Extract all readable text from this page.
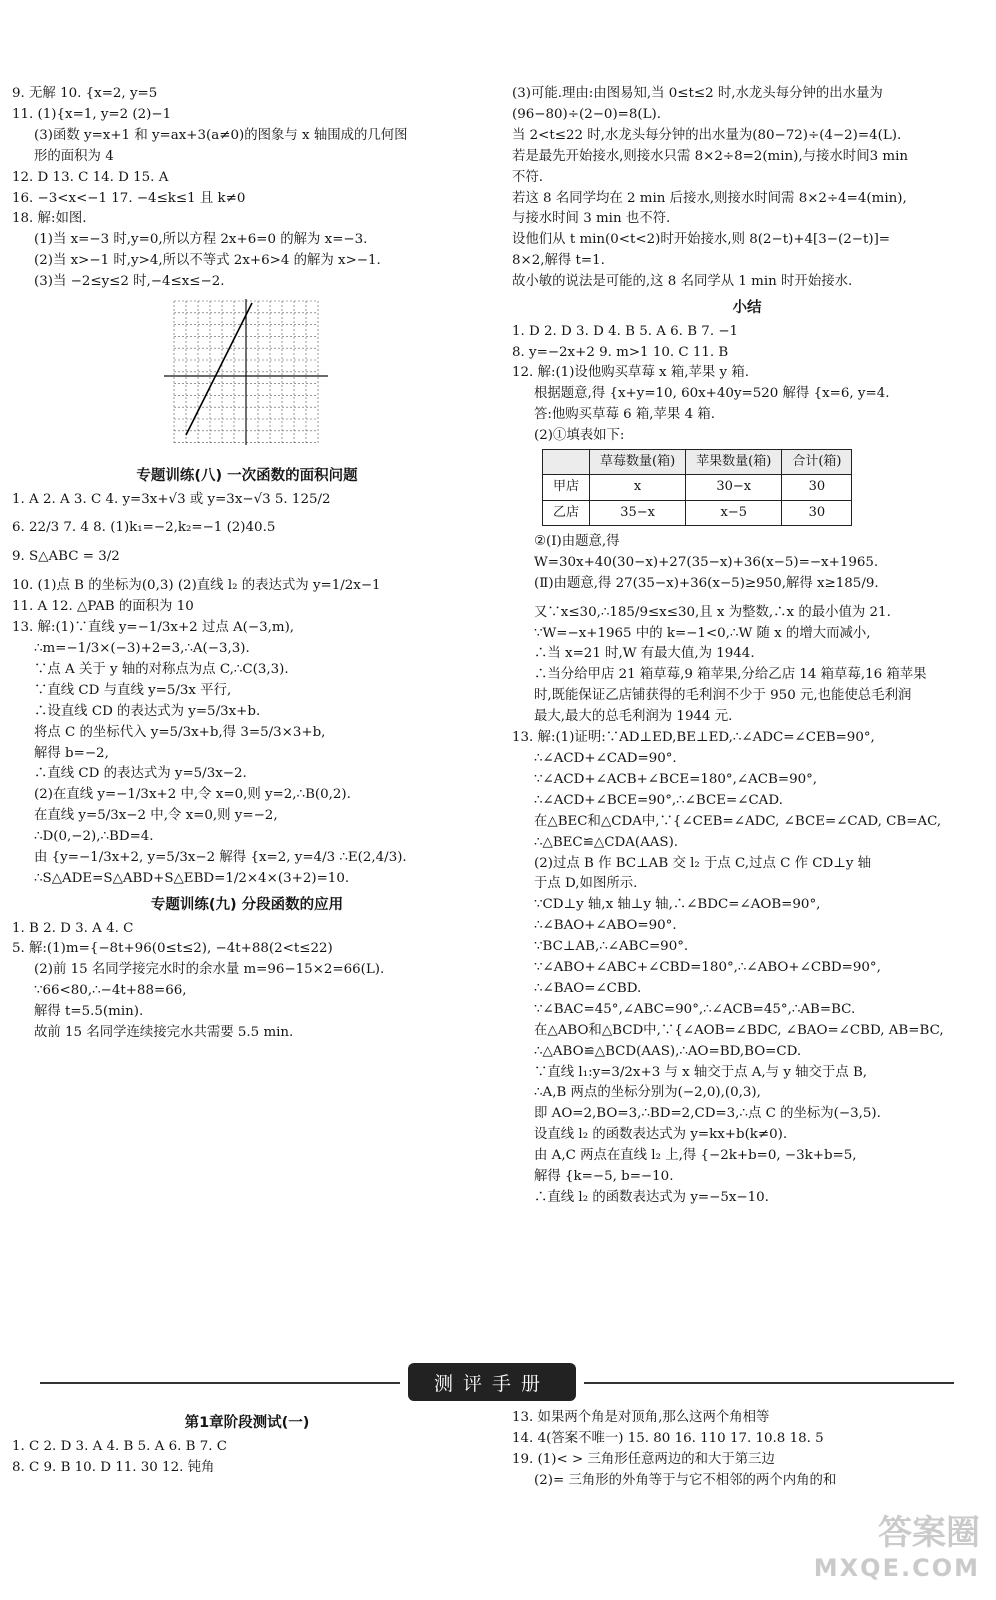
9. 无解 10. {x=2, y=5
11. (1){x=1, y=2 (2)−1
(3)函数 y=x+1 和 y=ax+3(a≠0)的图象与 x 轴围成的几何图
形的面积为 4
12. D 13. C 14. D 15. A
16. −3<x<−1 17. −4≤k≤1 且 k≠0
18. 解:如图.
(1)当 x=−3 时,y=0,所以方程 2x+6=0 的解为 x=−3.
(2)当 x>−1 时,y>4,所以不等式 2x+6>4 的解为 x>−1.
(3)当 −2≤y≤2 时,−4≤x≤−2.
专题训练(八) 一次函数的面积问题
1. A 2. A 3. C 4. y=3x+√3 或 y=3x−√3 5. 125/2
6. 22/3 7. 4 8. (1)k₁=−2,k₂=−1 (2)40.5
9. S△ABC = 3/2
10. (1)点 B 的坐标为(0,3) (2)直线 l₂ 的表达式为 y=1/2x−1
11. A 12. △PAB 的面积为 10
13. 解:(1)∵直线 y=−1/3x+2 过点 A(−3,m),
∴m=−1/3×(−3)+2=3,∴A(−3,3).
∵点 A 关于 y 轴的对称点为点 C,∴C(3,3).
∵直线 CD 与直线 y=5/3x 平行,
∴设直线 CD 的表达式为 y=5/3x+b.
将点 C 的坐标代入 y=5/3x+b,得 3=5/3×3+b,
解得 b=−2,
∴直线 CD 的表达式为 y=5/3x−2.
(2)在直线 y=−1/3x+2 中,令 x=0,则 y=2,∴B(0,2).
在直线 y=5/3x−2 中,令 x=0,则 y=−2,
∴D(0,−2),∴BD=4.
由 {y=−1/3x+2, y=5/3x−2 解得 {x=2, y=4/3 ∴E(2,4/3).
∴S△ADE=S△ABD+S△EBD=1/2×4×(3+2)=10.
专题训练(九) 分段函数的应用
1. B 2. D 3. A 4. C
5. 解:(1)m={−8t+96(0≤t≤2), −4t+88(2<t≤22)
(2)前 15 名同学接完水时的余水量 m=96−15×2=66(L).
∵66<80,∴−4t+88=66,
解得 t=5.5(min).
故前 15 名同学连续接完水共需要 5.5 min.
(3)可能.理由:由图易知,当 0≤t≤2 时,水龙头每分钟的出水量为
(96−80)÷(2−0)=8(L).
当 2<t≤22 时,水龙头每分钟的出水量为(80−72)÷(4−2)=4(L).
若是最先开始接水,则接水只需 8×2÷8=2(min),与接水时间3 min
不符.
若这 8 名同学均在 2 min 后接水,则接水时间需 8×2÷4=4(min),
与接水时间 3 min 也不符.
设他们从 t min(0<t<2)时开始接水,则 8(2−t)+4[3−(2−t)]=
8×2,解得 t=1.
故小敏的说法是可能的,这 8 名同学从 1 min 时开始接水.
小结
1. D 2. D 3. D 4. B 5. A 6. B 7. −1
8. y=−2x+2 9. m>1 10. C 11. B
12. 解:(1)设他购买草莓 x 箱,苹果 y 箱.
根据题意,得 {x+y=10, 60x+40y=520 解得 {x=6, y=4.
答:他购买草莓 6 箱,苹果 4 箱.
(2)①填表如下:
	草莓数量(箱)	苹果数量(箱)	合计(箱)
甲店	x	30−x	30
乙店	35−x	x−5	30
②(Ⅰ)由题意,得
W=30x+40(30−x)+27(35−x)+36(x−5)=−x+1965.
(Ⅱ)由题意,得 27(35−x)+36(x−5)≥950,解得 x≥185/9.
又∵x≤30,∴185/9≤x≤30,且 x 为整数,∴x 的最小值为 21.
∵W=−x+1965 中的 k=−1<0,∴W 随 x 的增大而减小,
∴当 x=21 时,W 有最大值,为 1944.
∴当分给甲店 21 箱草莓,9 箱苹果,分给乙店 14 箱草莓,16 箱苹果
时,既能保证乙店铺获得的毛利润不少于 950 元,也能使总毛利润
最大,最大的总毛利润为 1944 元.
13. 解:(1)证明:∵AD⊥ED,BE⊥ED,∴∠ADC=∠CEB=90°,
∴∠ACD+∠CAD=90°.
∵∠ACD+∠ACB+∠BCE=180°,∠ACB=90°,
∴∠ACD+∠BCE=90°,∴∠BCE=∠CAD.
在△BEC和△CDA中,∵{∠CEB=∠ADC, ∠BCE=∠CAD, CB=AC,
∴△BEC≌△CDA(AAS).
(2)过点 B 作 BC⊥AB 交 l₂ 于点 C,过点 C 作 CD⊥y 轴
于点 D,如图所示.
∵CD⊥y 轴,x 轴⊥y 轴,∴∠BDC=∠AOB=90°,
∴∠BAO+∠ABO=90°.
∵BC⊥AB,∴∠ABC=90°.
∵∠ABO+∠ABC+∠CBD=180°,∴∠ABO+∠CBD=90°,
∴∠BAO=∠CBD.
∵∠BAC=45°,∠ABC=90°,∴∠ACB=45°,∴AB=BC.
在△ABO和△BCD中,∵{∠AOB=∠BDC, ∠BAO=∠CBD, AB=BC,
∴△ABO≌△BCD(AAS),∴AO=BD,BO=CD.
∵直线 l₁:y=3/2x+3 与 x 轴交于点 A,与 y 轴交于点 B,
∴A,B 两点的坐标分别为(−2,0),(0,3),
即 AO=2,BO=3,∴BD=2,CD=3,∴点 C 的坐标为(−3,5).
设直线 l₂ 的函数表达式为 y=kx+b(k≠0).
由 A,C 两点在直线 l₂ 上,得 {−2k+b=0, −3k+b=5,
解得 {k=−5, b=−10.
∴直线 l₂ 的函数表达式为 y=−5x−10.
测评手册
第1章阶段测试(一)
1. C 2. D 3. A 4. B 5. A 6. B 7. C
8. C 9. B 10. D 11. 30 12. 钝角
13. 如果两个角是对顶角,那么这两个角相等
14. 4(答案不唯一) 15. 80 16. 110 17. 10.8 18. 5
19. (1)< > 三角形任意两边的和大于第三边
(2)= 三角形的外角等于与它不相邻的两个内角的和
答案圈
MXQE.COM
